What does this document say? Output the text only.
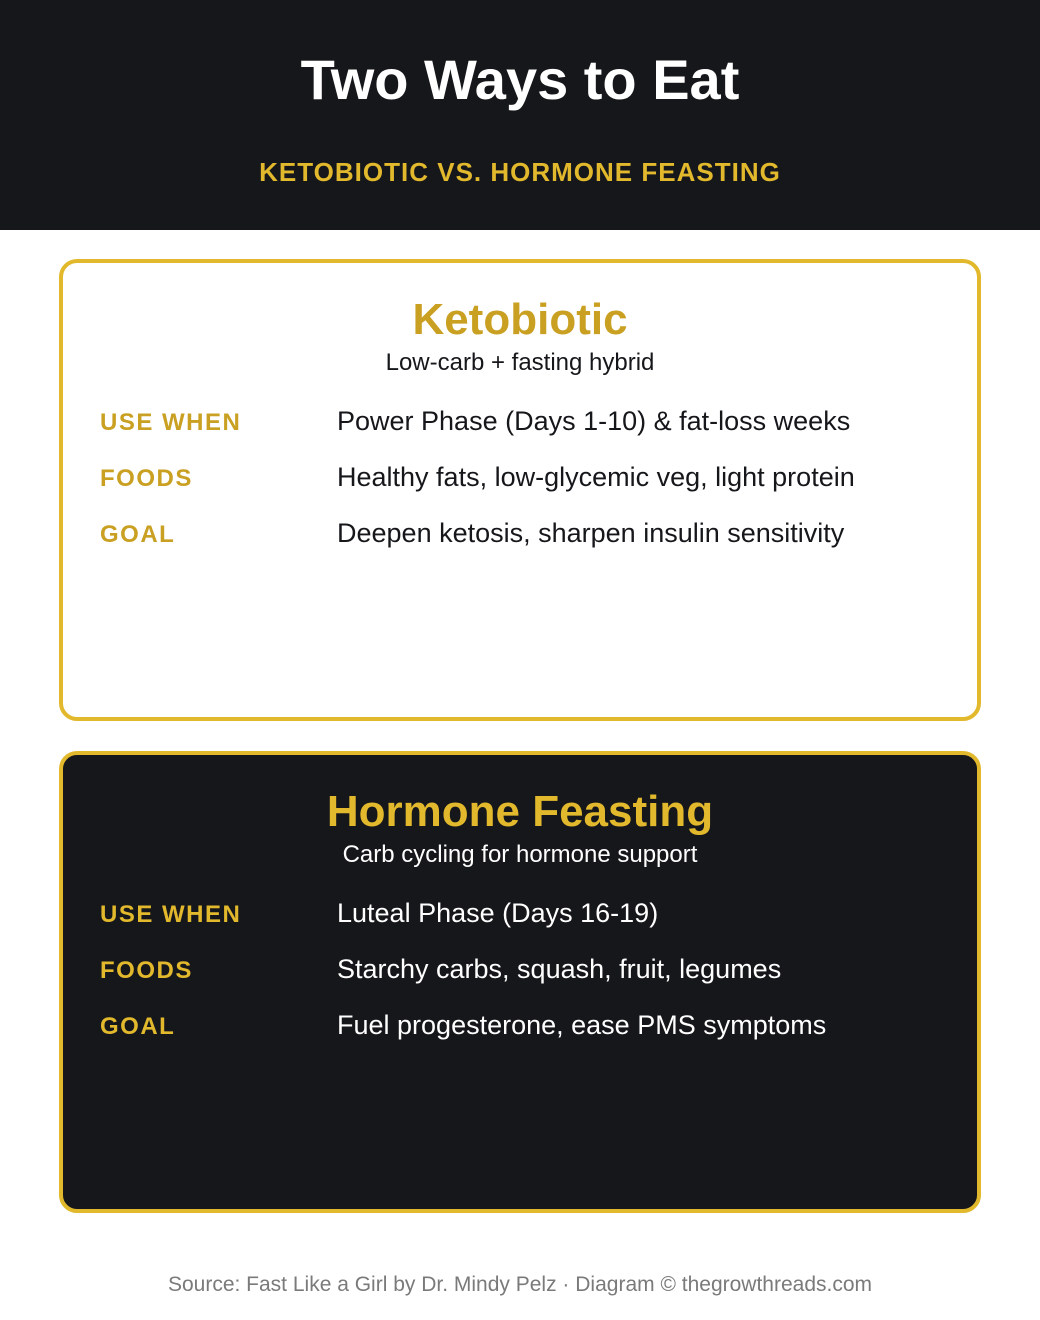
Two Ways to Eat
KETOBIOTIC VS. HORMONE FEASTING
Ketobiotic
Low-carb + fasting hybrid
USE WHEN	Power Phase (Days 1-10) & fat-loss weeks
FOODS	Healthy fats, low-glycemic veg, light protein
GOAL	Deepen ketosis, sharpen insulin sensitivity
Hormone Feasting
Carb cycling for hormone support
USE WHEN	Luteal Phase (Days 16-19)
FOODS	Starchy carbs, squash, fruit, legumes
GOAL	Fuel progesterone, ease PMS symptoms
Source: Fast Like a Girl by Dr. Mindy Pelz · Diagram © thegrowthreads.com
